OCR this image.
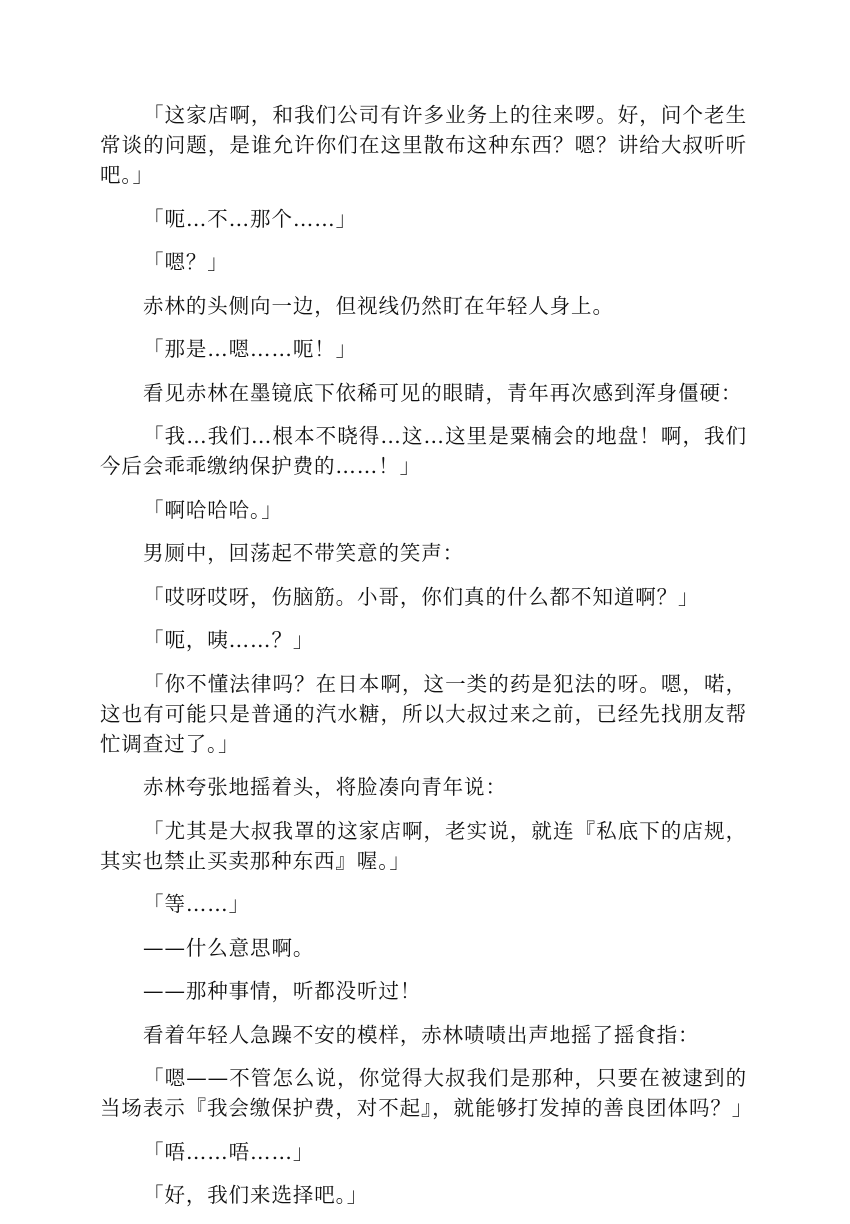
「这家店啊，和我们公司有许多业务上的往来啰。好，问个老生常谈的问题，是谁允许你们在这里散布这种东西？嗯？讲给大叔听听吧。」

「呃…不…那个……」

「嗯？」

赤林的头侧向一边，但视线仍然盯在年轻人身上。

「那是…嗯……呃！」

看见赤林在墨镜底下依稀可见的眼睛，青年再次感到浑身僵硬：

「我…我们…根本不晓得…这…这里是粟楠会的地盘！啊，我们今后会乖乖缴纳保护费的……！」

「啊哈哈哈。」

男厕中，回荡起不带笑意的笑声：

「哎呀哎呀，伤脑筋。小哥，你们真的什么都不知道啊？」

「呃，咦……？」

「你不懂法律吗？在日本啊，这一类的药是犯法的呀。嗯，喏，这也有可能只是普通的汽水糖，所以大叔过来之前，已经先找朋友帮忙调查过了。」

赤林夸张地摇着头，将脸凑向青年说：

「尤其是大叔我罩的这家店啊，老实说，就连『私底下的店规，其实也禁止买卖那种东西』喔。」

「等……」

——什么意思啊。

——那种事情，听都没听过！

看着年轻人急躁不安的模样，赤林啧啧出声地摇了摇食指：

「嗯——不管怎么说，你觉得大叔我们是那种，只要在被逮到的当场表示『我会缴保护费，对不起』，就能够打发掉的善良团体吗？」

「唔……唔……」

「好，我们来选择吧。」
